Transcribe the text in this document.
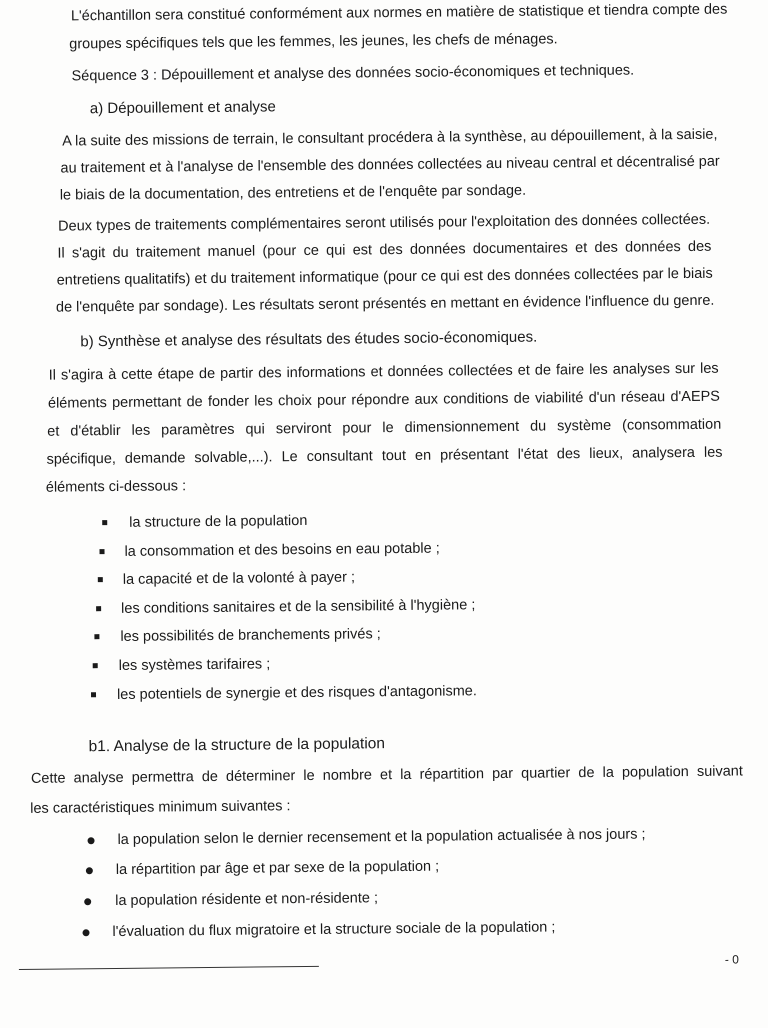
L'échantillon sera constitué conformément aux normes en matière de statistique et tiendra compte des
groupes spécifiques tels que les femmes, les jeunes, les chefs de ménages.
Séquence 3 : Dépouillement et analyse des données socio-économiques et techniques.
a) Dépouillement et analyse
A la suite des missions de terrain, le consultant procédera à la synthèse, au dépouillement, à la saisie,
au traitement et à l'analyse de l'ensemble des données collectées au niveau central et décentralisé par
le biais de la documentation, des entretiens et de l'enquête par sondage.
Deux types de traitements complémentaires seront utilisés pour l'exploitation des données collectées.
Il s'agit du traitement manuel (pour ce qui est des données documentaires et des données des
entretiens qualitatifs) et du traitement informatique (pour ce qui est des données collectées par le biais
de l'enquête par sondage). Les résultats seront présentés en mettant en évidence l'influence du genre.
b) Synthèse et analyse des résultats des études socio-économiques.
Il s'agira à cette étape de partir des informations et données collectées et de faire les analyses sur les
éléments permettant de fonder les choix pour répondre aux conditions de viabilité d'un réseau d'AEPS
et d'établir les paramètres qui serviront pour le dimensionnement du système (consommation
spécifique, demande solvable,...). Le consultant tout en présentant l'état des lieux, analysera les
éléments ci-dessous :
la structure de la population
la consommation et des besoins en eau potable ;
la capacité et de la volonté à payer ;
les conditions sanitaires et de la sensibilité à l'hygiène ;
les possibilités de branchements privés ;
les systèmes tarifaires ;
les potentiels de synergie et des risques d'antagonisme.
b1. Analyse de la structure de la population
Cette analyse permettra de déterminer le nombre et la répartition par quartier de la population suivant
les caractéristiques minimum suivantes :
la population selon le dernier recensement et la population actualisée à nos jours ;
la répartition par âge et par sexe de la population ;
la population résidente et non-résidente ;
l'évaluation du flux migratoire et la structure sociale de la population ;
- 0
